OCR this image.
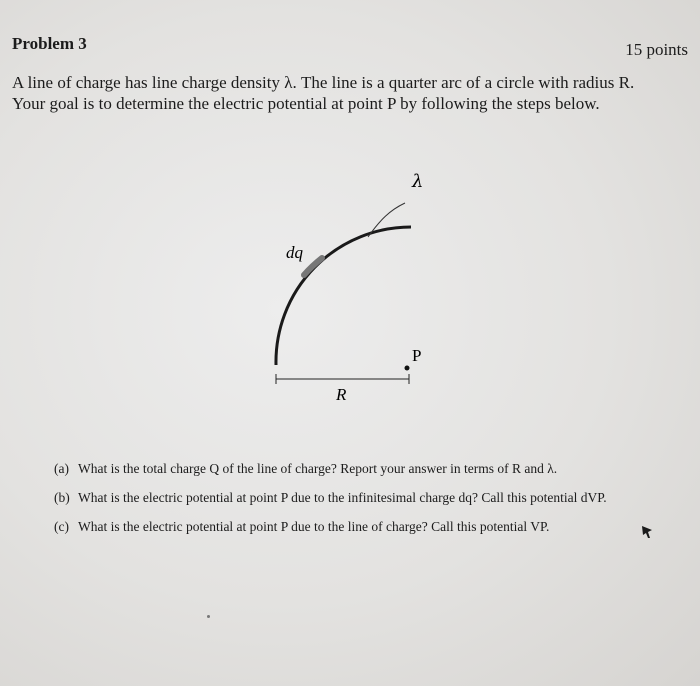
Problem 3	15 points

A line of charge has line charge density λ. The line is a quarter arc of a circle with radius R.

Your goal is to determine the electric potential at point P by following the steps below.

λ
dq
P
R
(a) What is the total charge Q of the line of charge? Report your answer in terms of R and λ.
(b) What is the electric potential at point P due to the infinitesimal charge dq? Call this potential dVP.
(c) What is the electric potential at point P due to the line of charge? Call this potential VP.
